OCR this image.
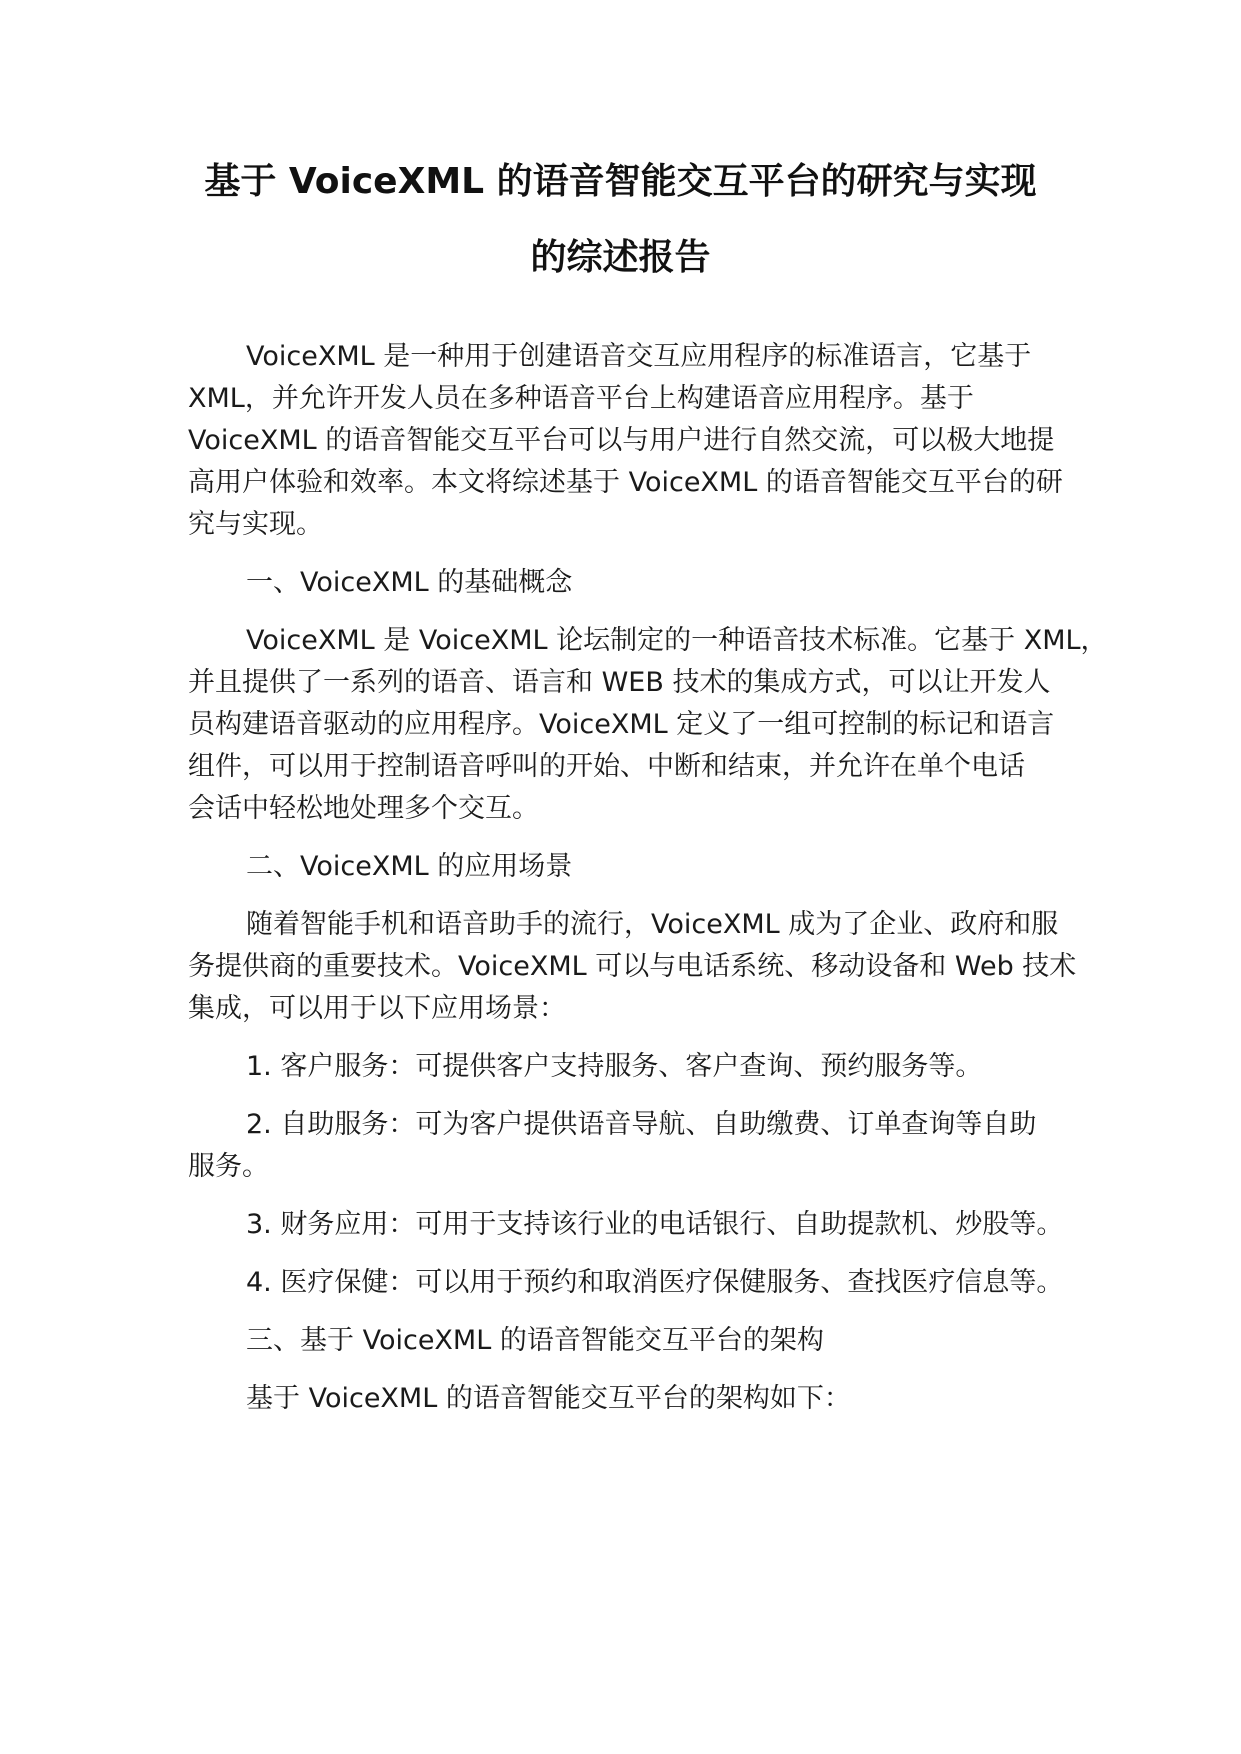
基于 VoiceXML 的语音智能交互平台的研究与实现
的综述报告
VoiceXML 是一种用于创建语音交互应用程序的标准语言，它基于
XML，并允许开发人员在多种语音平台上构建语音应用程序。基于
VoiceXML 的语音智能交互平台可以与用户进行自然交流，可以极大地提
高用户体验和效率。本文将综述基于 VoiceXML 的语音智能交互平台的研
究与实现。
一、VoiceXML 的基础概念
VoiceXML 是 VoiceXML 论坛制定的一种语音技术标准。它基于 XML，
并且提供了一系列的语音、语言和 WEB 技术的集成方式，可以让开发人
员构建语音驱动的应用程序。VoiceXML 定义了一组可控制的标记和语言
组件，可以用于控制语音呼叫的开始、中断和结束，并允许在单个电话
会话中轻松地处理多个交互。
二、VoiceXML 的应用场景
随着智能手机和语音助手的流行，VoiceXML 成为了企业、政府和服
务提供商的重要技术。VoiceXML 可以与电话系统、移动设备和 Web 技术
集成，可以用于以下应用场景：
1. 客户服务：可提供客户支持服务、客户查询、预约服务等。
2. 自助服务：可为客户提供语音导航、自助缴费、订单查询等自助
服务。
3. 财务应用：可用于支持该行业的电话银行、自助提款机、炒股等。
4. 医疗保健：可以用于预约和取消医疗保健服务、查找医疗信息等。
三、基于 VoiceXML 的语音智能交互平台的架构
基于 VoiceXML 的语音智能交互平台的架构如下：
